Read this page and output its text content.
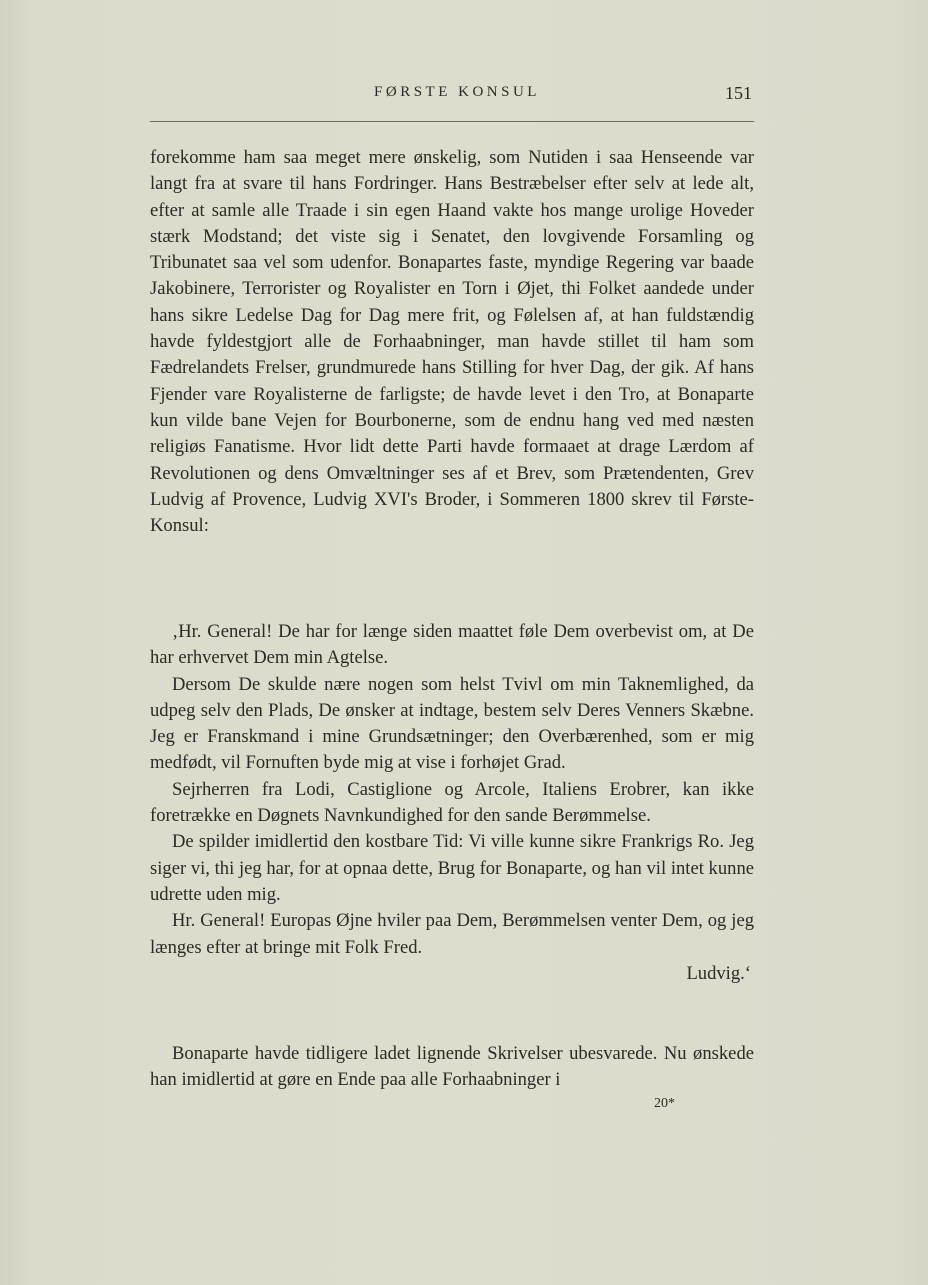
FØRSTE KONSUL	151

forekomme ham saa meget mere ønskelig, som Nutiden i saa Henseende var langt fra at svare til hans Fordringer. Hans Bestræbelser efter selv at lede alt, efter at samle alle Traade i sin egen Haand vakte hos mange urolige Hoveder stærk Modstand; det viste sig i Senatet, den lovgivende Forsamling og Tribunatet saa vel som udenfor. Bonapartes faste, myndige Regering var baade Jakobinere, Terrorister og Royalister en Torn i Øjet, thi Folket aandede under hans sikre Ledelse Dag for Dag mere frit, og Følelsen af, at han fuldstændig havde fyldestgjort alle de Forhaabninger, man havde stillet til ham som Fædrelandets Frelser, grundmurede hans Stilling for hver Dag, der gik. Af hans Fjender vare Royalisterne de farligste; de havde levet i den Tro, at Bonaparte kun vilde bane Vejen for Bourbonerne, som de endnu hang ved med næsten religiøs Fanatisme. Hvor lidt dette Parti havde formaaet at drage Lærdom af Revolutionen og dens Omvæltninger ses af et Brev, som Prætendenten, Grev Ludvig af Provence, Ludvig XVI's Broder, i Sommeren 1800 skrev til Første-Konsul:

‚Hr. General! De har for længe siden maattet føle Dem overbevist om, at De har erhvervet Dem min Agtelse.

Dersom De skulde nære nogen som helst Tvivl om min Taknemlighed, da udpeg selv den Plads, De ønsker at indtage, bestem selv Deres Venners Skæbne. Jeg er Franskmand i mine Grundsætninger; den Overbærenhed, som er mig medfødt, vil Fornuften byde mig at vise i forhøjet Grad.

Sejrherren fra Lodi, Castiglione og Arcole, Italiens Erobrer, kan ikke foretrække en Døgnets Navnkundighed for den sande Berømmelse.

De spilder imidlertid den kostbare Tid: Vi ville kunne sikre Frankrigs Ro. Jeg siger vi, thi jeg har, for at opnaa dette, Brug for Bonaparte, og han vil intet kunne udrette uden mig.

Hr. General! Europas Øjne hviler paa Dem, Berømmelsen venter Dem, og jeg længes efter at bringe mit Folk Fred.

Ludvig.‘

Bonaparte havde tidligere ladet lignende Skrivelser ubesvarede. Nu ønskede han imidlertid at gøre en Ende paa alle Forhaabninger i

20*
